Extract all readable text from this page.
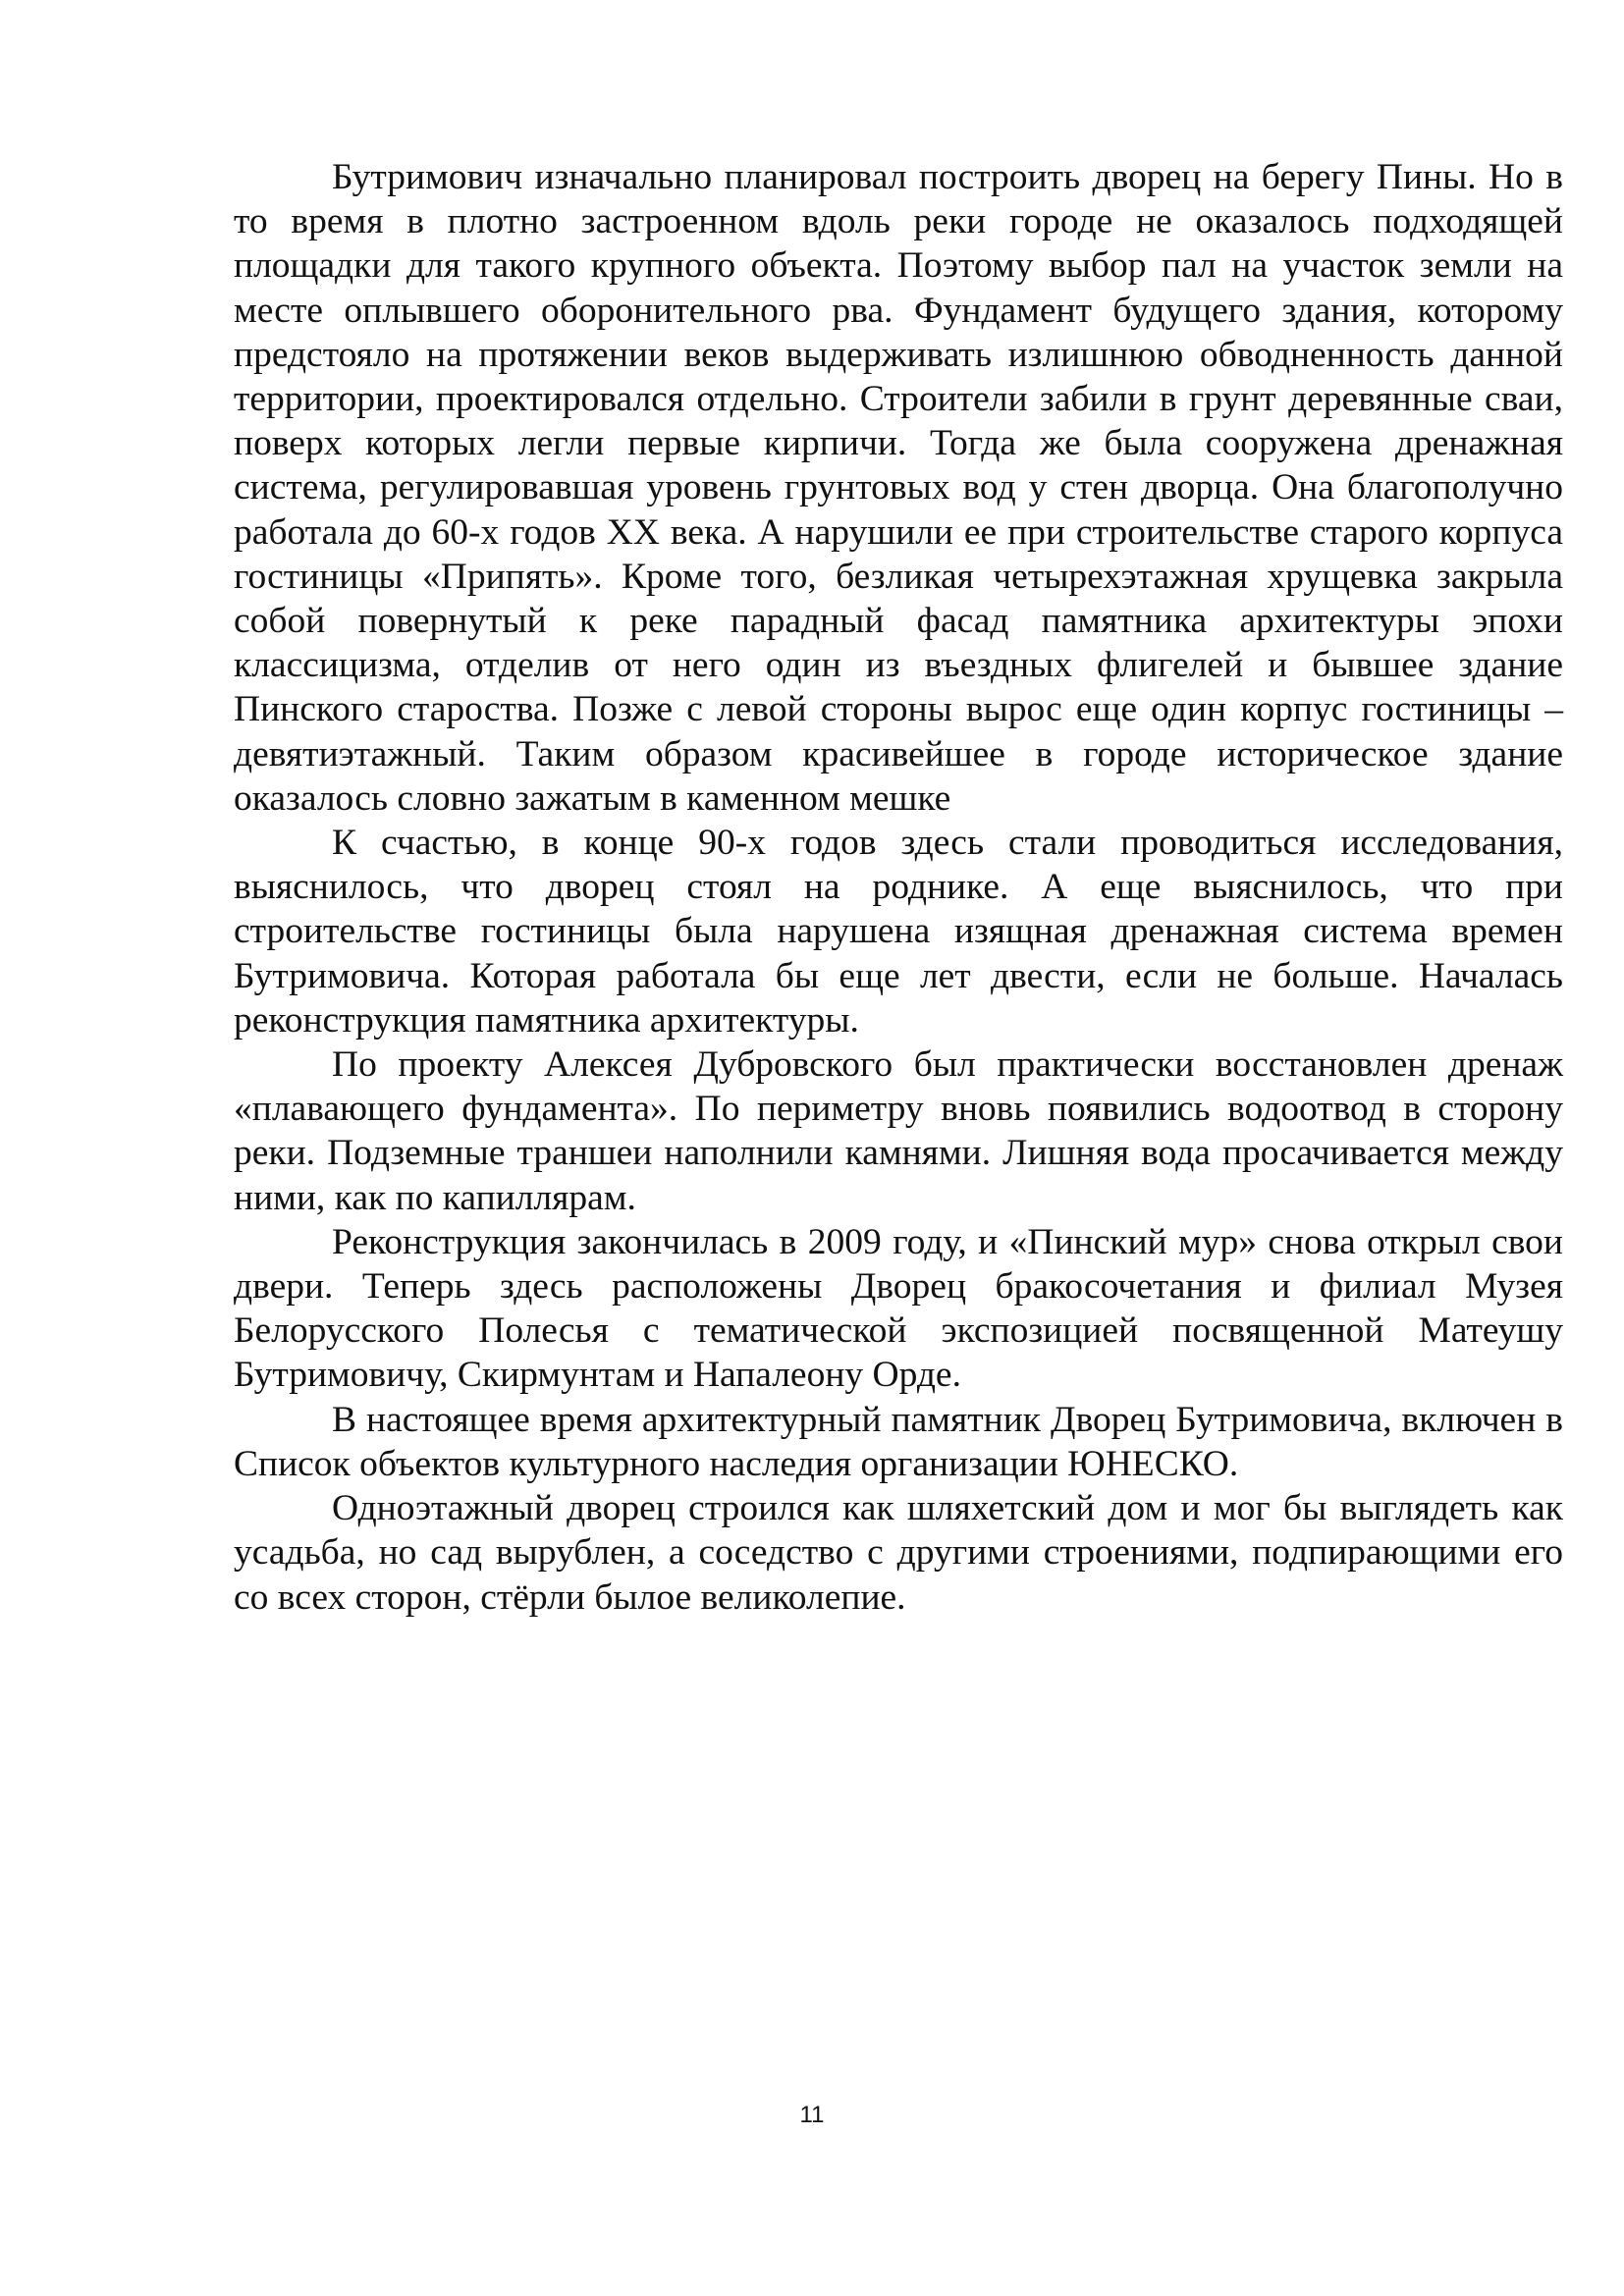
Бутримович изначально планировал построить дворец на берегу Пины. Но в то время в плотно застроенном вдоль реки городе не оказалось подходящей площадки для такого крупного объекта. Поэтому выбор пал на участок земли на месте оплывшего оборонительного рва. Фундамент будущего здания, которому предстояло на протяжении веков выдерживать излишнюю обводненность данной территории, проектировался отдельно. Строители забили в грунт деревянные сваи, поверх которых легли первые кирпичи. Тогда же была сооружена дренажная система, регулировавшая уровень грунтовых вод у стен дворца. Она благополучно работала до 60-х годов XX века. А нарушили ее при строительстве старого корпуса гостиницы «Припять». Кроме того, безликая четырехэтажная хрущевка закрыла собой повернутый к реке парадный фасад памятника архитектуры эпохи классицизма, отделив от него один из въездных флигелей и бывшее здание Пинского староства. Позже с левой стороны вырос еще один корпус гостиницы – девятиэтажный. Таким образом красивейшее в городе историческое здание оказалось словно зажатым в каменном мешке

К счастью, в конце 90-х годов здесь стали проводиться исследования, выяснилось, что дворец стоял на роднике. А еще выяснилось, что при строительстве гостиницы была нарушена изящная дренажная система времен Бутримовича. Которая работала бы еще лет двести, если не больше. Началась реконструкция памятника архитектуры.

По проекту Алексея Дубровского был практически восстановлен дренаж «плавающего фундамента». По периметру вновь появились водоотвод в сторону реки. Подземные траншеи наполнили камнями. Лишняя вода просачивается между ними, как по капиллярам.

Реконструкция закончилась в 2009 году, и «Пинский мур» снова открыл свои двери. Теперь здесь расположены Дворец бракосочетания и филиал Музея Белорусского Полесья с тематической экспозицией посвященной Матеушу Бутримовичу, Скирмунтам и Напалеону Орде.

В настоящее время архитектурный памятник Дворец Бутримовича, включен в Список объектов культурного наследия организации ЮНЕСКО.

Одноэтажный дворец строился как шляхетский дом и мог бы выглядеть как усадьба, но сад вырублен, а соседство с другими строениями, подпирающими его со всех сторон, стёрли былое великолепие.

11
